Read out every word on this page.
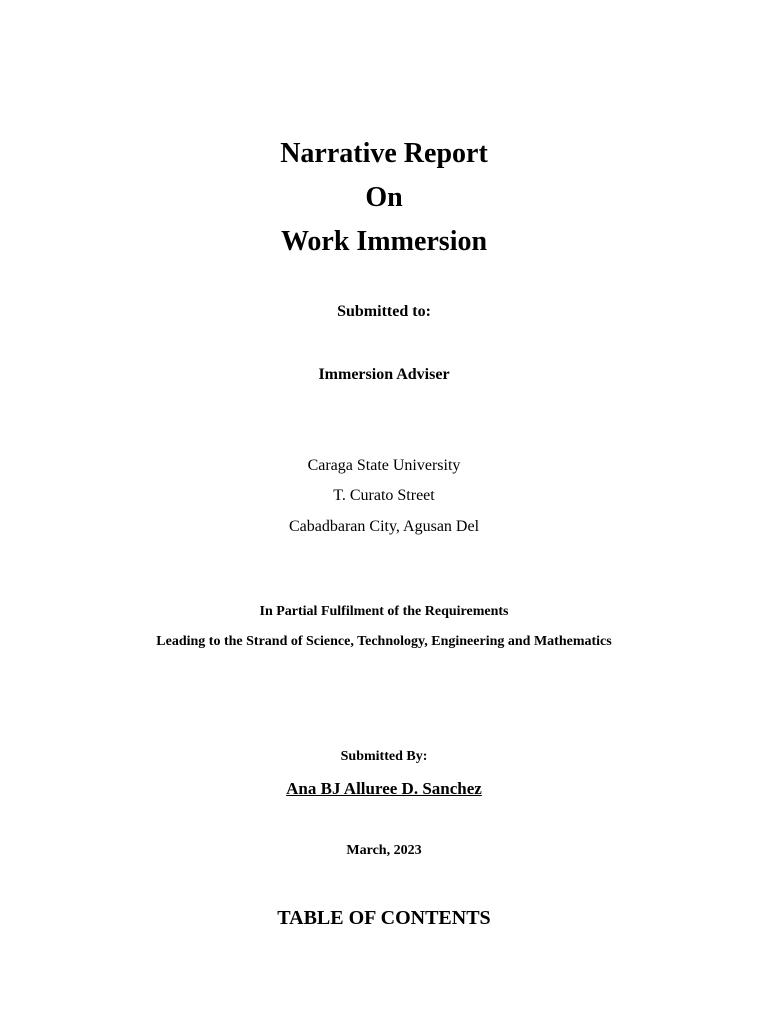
Narrative Report
On
Work Immersion
Submitted to:
Immersion Adviser
Caraga State University
T. Curato Street
Cabadbaran City, Agusan Del
In Partial Fulfilment of the Requirements
Leading to the Strand of Science, Technology, Engineering and Mathematics
Submitted By:
Ana BJ Alluree D. Sanchez
March, 2023
TABLE OF CONTENTS
